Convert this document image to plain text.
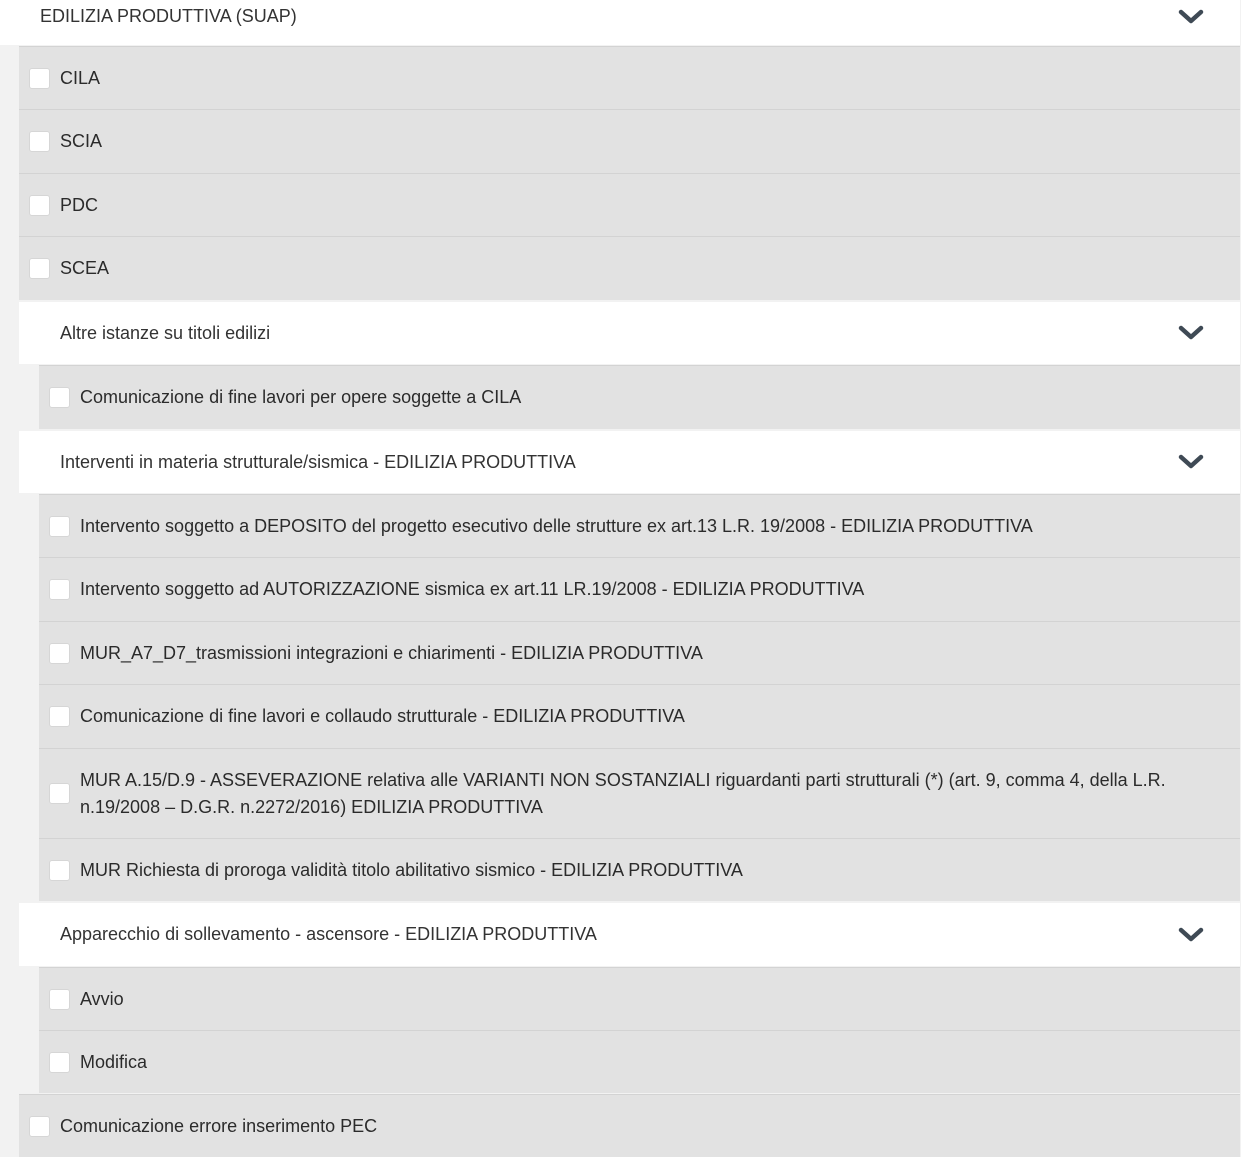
EDILIZIA PRODUTTIVA (SUAP)
CILA
SCIA
PDC
SCEA
Altre istanze su titoli edilizi
Comunicazione di fine lavori per opere soggette a CILA
Interventi in materia strutturale/sismica - EDILIZIA PRODUTTIVA
Intervento soggetto a DEPOSITO del progetto esecutivo delle strutture ex art.13 L.R. 19/2008 - EDILIZIA PRODUTTIVA
Intervento soggetto ad AUTORIZZAZIONE sismica ex art.11 LR.19/2008 - EDILIZIA PRODUTTIVA
MUR_A7_D7_trasmissioni integrazioni e chiarimenti - EDILIZIA PRODUTTIVA
Comunicazione di fine lavori e collaudo strutturale - EDILIZIA PRODUTTIVA
MUR A.15/D.9 - ASSEVERAZIONE relativa alle VARIANTI NON SOSTANZIALI riguardanti parti strutturali (*) (art. 9, comma 4, della L.R. n.19/2008 – D.G.R. n.2272/2016) EDILIZIA PRODUTTIVA
MUR Richiesta di proroga validità titolo abilitativo sismico - EDILIZIA PRODUTTIVA
Apparecchio di sollevamento - ascensore - EDILIZIA PRODUTTIVA
Avvio
Modifica
Comunicazione errore inserimento PEC
